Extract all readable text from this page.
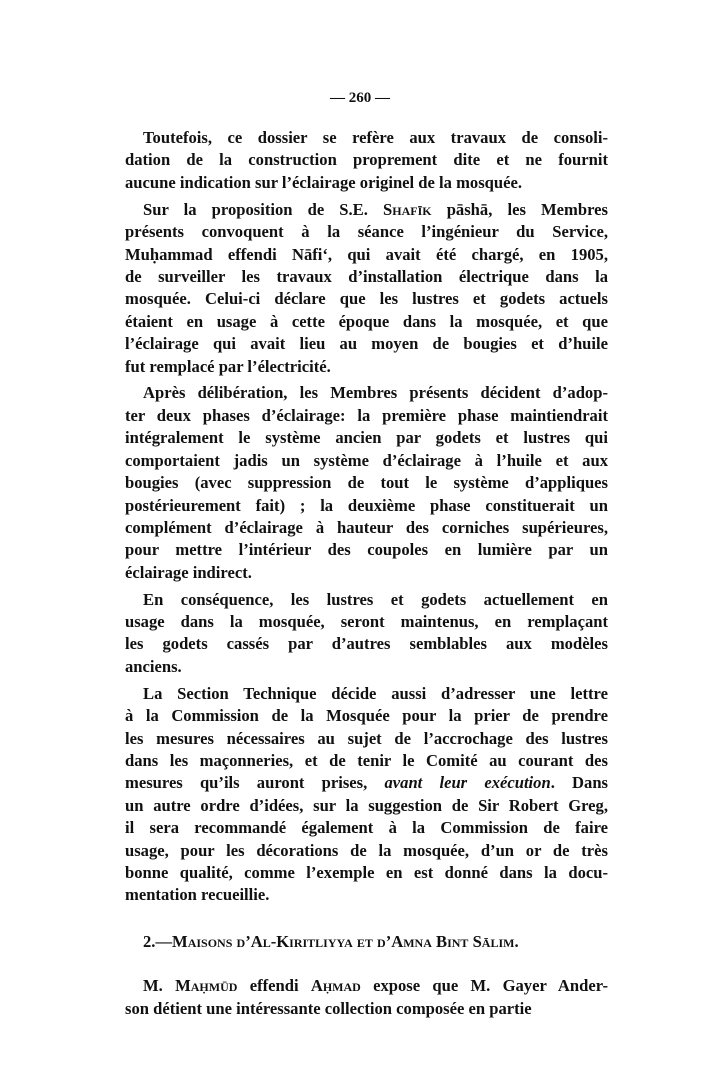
— 260 —
Toutefois, ce dossier se refère aux travaux de consoli-
dation de la construction proprement dite et ne fournit
aucune indication sur l’éclairage originel de la mosquée.
Sur la proposition de S.E. Shafīk pāshā, les Membres
présents convoquent à la séance l’ingénieur du Service,
Muḥammad effendi Nāfi‘, qui avait été chargé, en 1905,
de surveiller les travaux d’installation électrique dans la
mosquée. Celui-ci déclare que les lustres et godets actuels
étaient en usage à cette époque dans la mosquée, et que
l’éclairage qui avait lieu au moyen de bougies et d’huile
fut remplacé par l’électricité.
Après délibération, les Membres présents décident d’adop-
ter deux phases d’éclairage: la première phase maintiendrait
intégralement le système ancien par godets et lustres qui
comportaient jadis un système d’éclairage à l’huile et aux
bougies (avec suppression de tout le système d’appliques
postérieurement fait) ; la deuxième phase constituerait un
complément d’éclairage à hauteur des corniches supérieures,
pour mettre l’intérieur des coupoles en lumière par un
éclairage indirect.
En conséquence, les lustres et godets actuellement en
usage dans la mosquée, seront maintenus, en remplaçant
les godets cassés par d’autres semblables aux modèles
anciens.
La Section Technique décide aussi d’adresser une lettre
à la Commission de la Mosquée pour la prier de prendre
les mesures nécessaires au sujet de l’accrochage des lustres
dans les maçonneries, et de tenir le Comité au courant des
mesures qu’ils auront prises, avant leur exécution. Dans
un autre ordre d’idées, sur la suggestion de Sir Robert Greg,
il sera recommandé également à la Commission de faire
usage, pour les décorations de la mosquée, d’un or de très
bonne qualité, comme l’exemple en est donné dans la docu-
mentation recueillie.
2.—Maisons d’Al-Kiritliyya et d’Amna Bint Sālim.
M. Maḥmūd effendi Aḥmad expose que M. Gayer Ander-
son détient une intéressante collection composée en partie
